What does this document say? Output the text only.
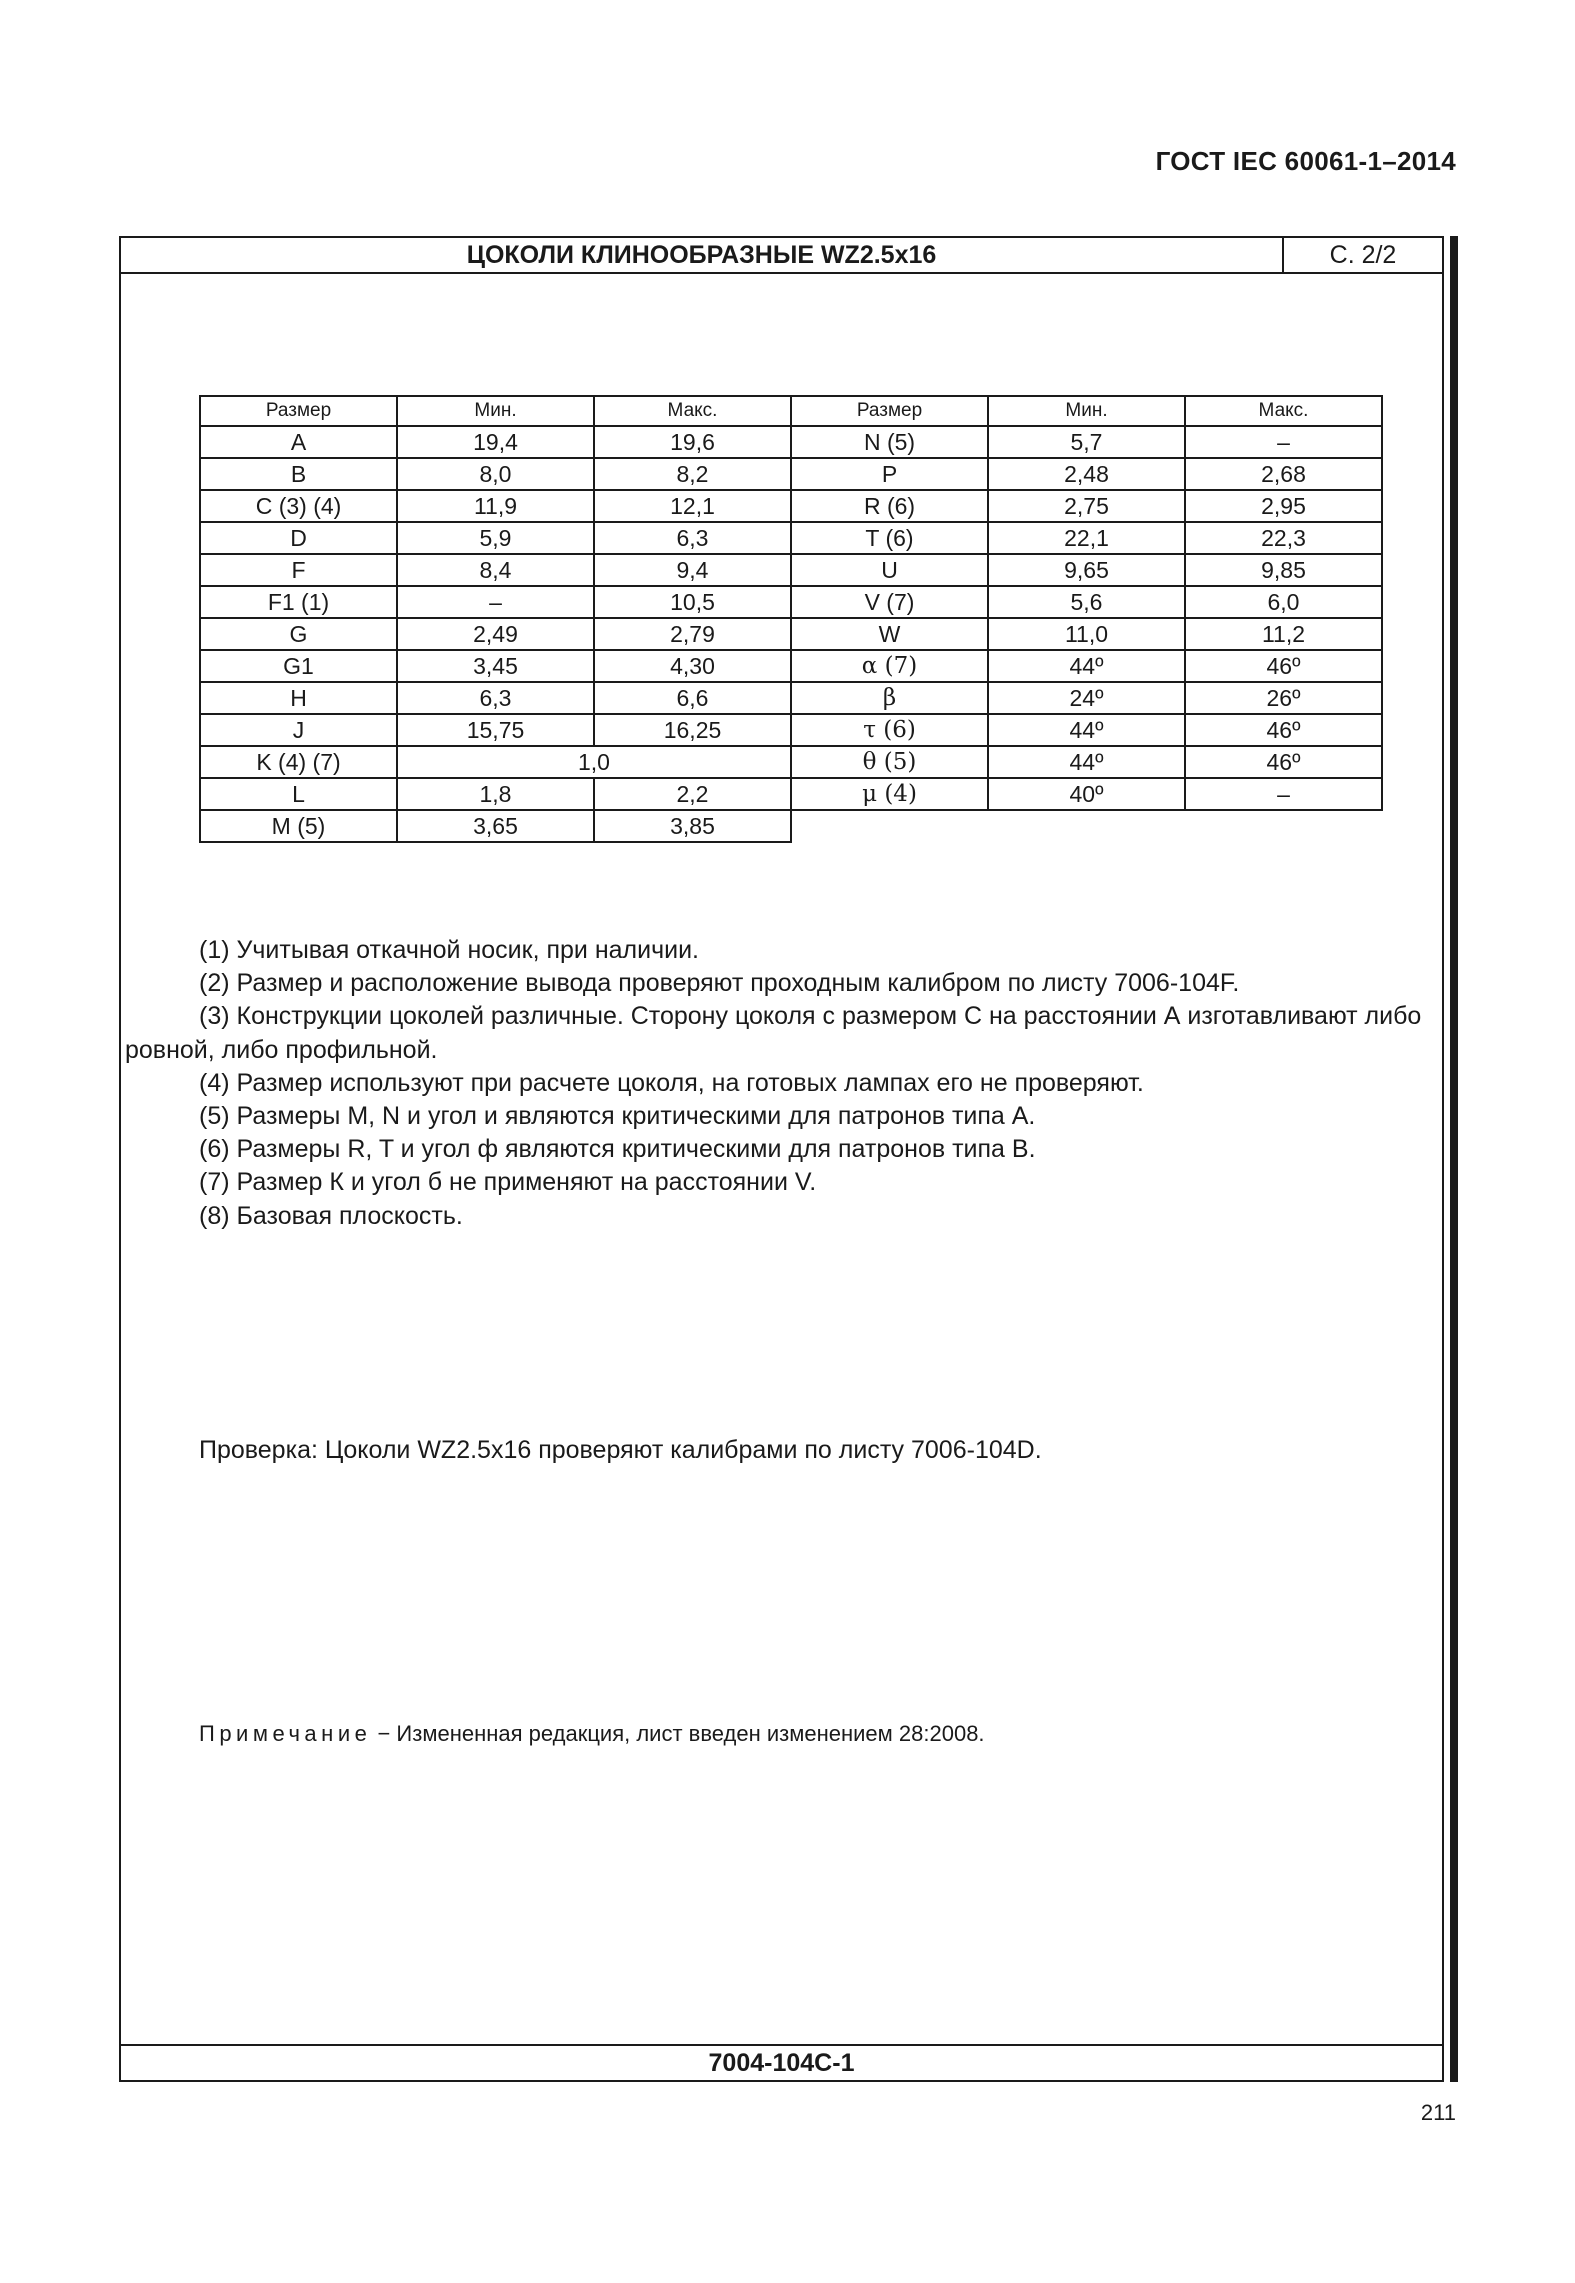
ГОСТ IEC 60061-1–2014
ЦОКОЛИ КЛИНООБРАЗНЫЕ WZ2.5x16	С. 2/2
Размер	Мин.	Макс.	Размер	Мин.	Макс.
A	19,4	19,6	N (5)	5,7	–
B	8,0	8,2	P	2,48	2,68
C (3) (4)	11,9	12,1	R (6)	2,75	2,95
D	5,9	6,3	T (6)	22,1	22,3
F	8,4	9,4	U	9,65	9,85
F1 (1)	–	10,5	V (7)	5,6	6,0
G	2,49	2,79	W	11,0	11,2
G1	3,45	4,30	α (7)	44º	46º
H	6,3	6,6	β	24º	26º
J	15,75	16,25	τ (6)	44º	46º
K (4) (7)	1,0		θ (5)	44º	46º
L	1,8	2,2	μ (4)	40º	–
M (5)	3,65	3,85			

(1) Учитывая откачной носик, при наличии.

(2) Размер и расположение вывода проверяют проходным калибром по листу 7006-104F.

(3) Конструкции цоколей различные. Сторону цоколя с размером С на расстоянии А изготавливают либо ровной, либо профильной.

(4) Размер используют при расчете цоколя, на готовых лампах его не проверяют.

(5) Размеры M, N и угол и являются критическими для патронов типа А.

(6) Размеры R, T и угол ф являются критическими для патронов типа B.

(7) Размер К и угол б не применяют на расстоянии V.

(8) Базовая плоскость.

Проверка: Цоколи WZ2.5x16 проверяют калибрами по листу 7006-104D.
Примечание − Измененная редакция, лист введен изменением 28:2008.
7004-104C-1
211
